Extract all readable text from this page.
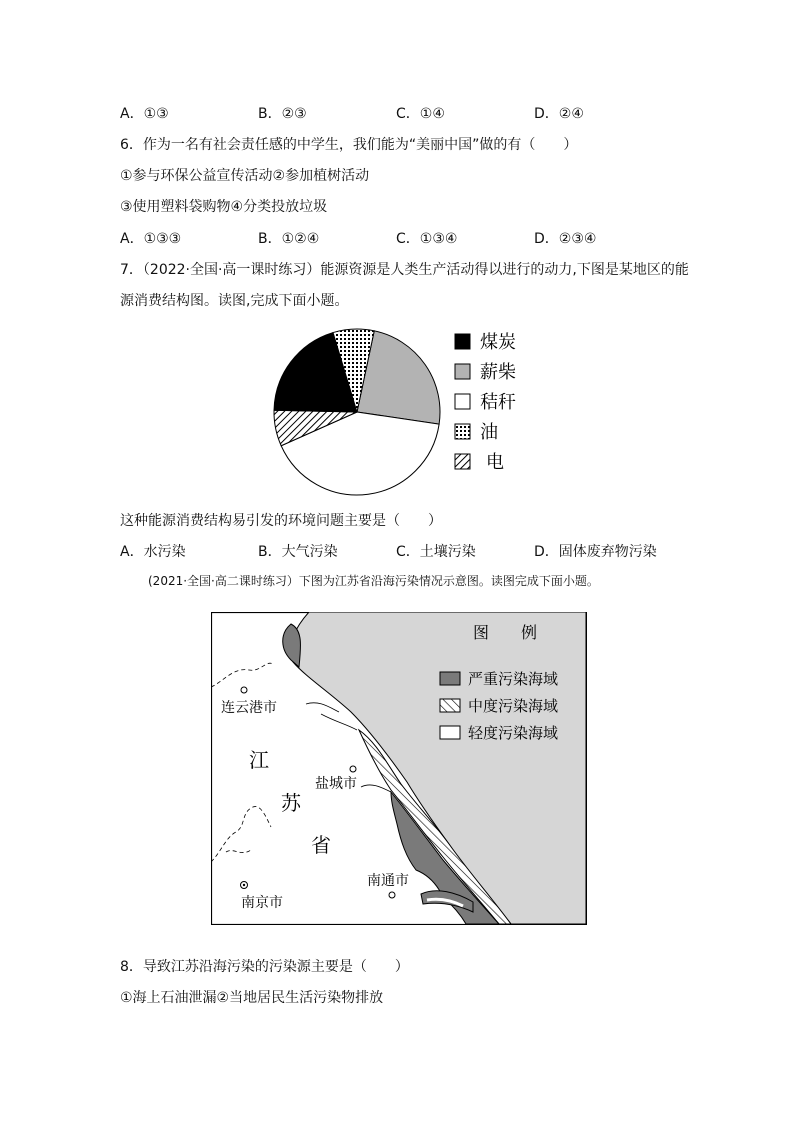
A．①③	B．②③	C．①④	D．②④
6．作为一名有社会责任感的中学生，我们能为“美丽中国”做的有（　　）
①参与环保公益宣传活动②参加植树活动
③使用塑料袋购物④分类投放垃圾
A．①③③	B．①②④	C．①③④	D．②③④
7．（2022·全国·高一课时练习）能源资源是人类生产活动得以进行的动力,下图是某地区的能
源消费结构图。读图,完成下面小题。
煤炭
薪柴
秸秆
油
电
这种能源消费结构易引发的环境问题主要是（　　）
A．水污染	B．大气污染	C．土壤污染	D．固体废弃物污染
(2021·全国·高二课时练习）下图为江苏省沿海污染情况示意图。读图完成下面小题。
图　　例
严重污染海域
中度污染海域
轻度污染海域
连云港市
盐城市
南通市
南京市
江
苏
省
8．导致江苏沿海污染的污染源主要是（　　）
①海上石油泄漏②当地居民生活污染物排放
